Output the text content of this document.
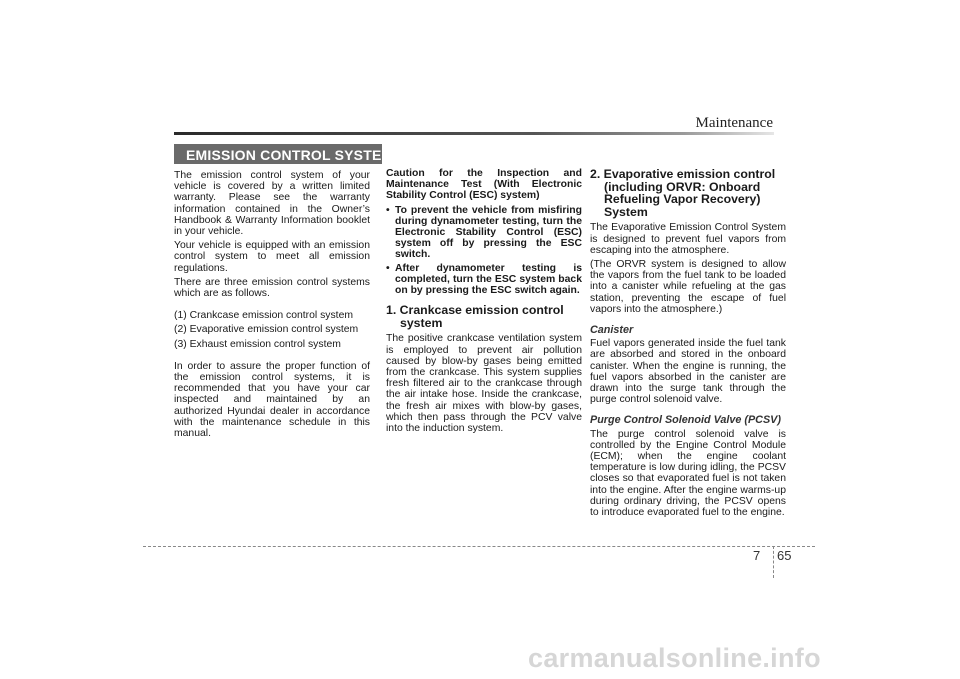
Maintenance
EMISSION CONTROL SYSTEM

The emission control system of your vehicle is covered by a written limited warranty. Please see the warranty information contained in the Owner’s Handbook & Warranty Information booklet in your vehicle.

Your vehicle is equipped with an emission control system to meet all emission regulations.

There are three emission control systems which are as follows.

(1) Crankcase emission control system

(2) Evaporative emission control system

(3) Exhaust emission control system

In order to assure the proper function of the emission control systems, it is recommended that you have your car inspected and maintained by an authorized Hyundai dealer in accordance with the maintenance schedule in this manual.

Caution for the Inspection and Maintenance Test (With Electronic Stability Control (ESC) system)

• To prevent the vehicle from misfiring during dynamometer testing, turn the Electronic Stability Control (ESC) system off by pressing the ESC switch.
• After dynamometer testing is completed, turn the ESC system back on by pressing the ESC switch again.
1. Crankcase emission control
system

The positive crankcase ventilation system is employed to prevent air pollution caused by blow-by gases being emitted from the crankcase. This system supplies fresh filtered air to the crankcase through the air intake hose. Inside the crankcase, the fresh air mixes with blow-by gases, which then pass through the PCV valve into the induction system.

2. Evaporative emission control
(including ORVR: Onboard
Refueling Vapor Recovery)
System

The Evaporative Emission Control System is designed to prevent fuel vapors from escaping into the atmosphere.

(The ORVR system is designed to allow the vapors from the fuel tank to be loaded into a canister while refueling at the gas station, preventing the escape of fuel vapors into the atmosphere.)

Canister

Fuel vapors generated inside the fuel tank are absorbed and stored in the onboard canister. When the engine is running, the fuel vapors absorbed in the canister are drawn into the surge tank through the purge control solenoid valve.

Purge Control Solenoid Valve (PCSV)

The purge control solenoid valve is controlled by the Engine Control Module (ECM); when the engine coolant temperature is low during idling, the PCSV closes so that evaporated fuel is not taken into the engine. After the engine warms-up during ordinary driving, the PCSV opens to introduce evaporated fuel to the engine.

7 65
carmanualsonline.info
